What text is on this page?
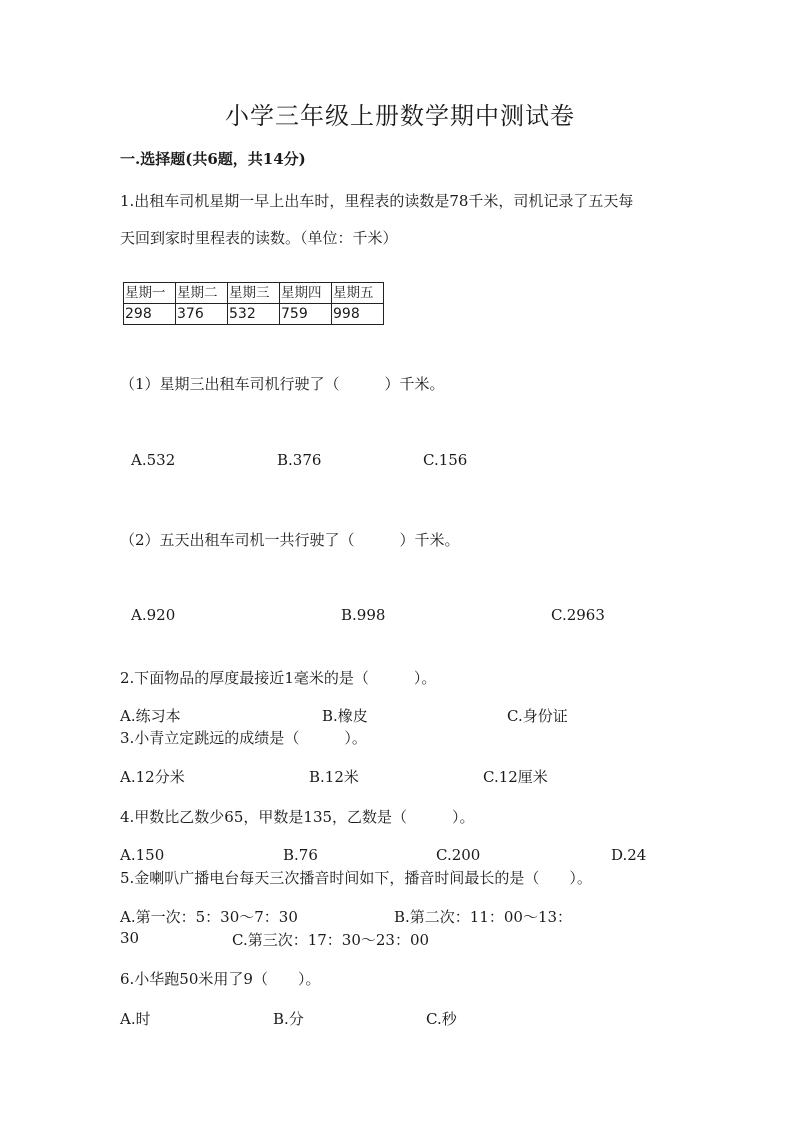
小学三年级上册数学期中测试卷
一.选择题(共6题，共14分)
1.出租车司机星期一早上出车时，里程表的读数是78千米，司机记录了五天每
天回到家时里程表的读数。（单位：千米）
星期一	星期二	星期三	星期四	星期五
298	376	532	759	998
（1）星期三出租车司机行驶了（　　　）千米。
A.532	B.376	C.156
（2）五天出租车司机一共行驶了（　　　）千米。
A.920	B.998	C.2963
2.下面物品的厚度最接近1毫米的是（　　　）。
A.练习本	B.橡皮	C.身份证
3.小青立定跳远的成绩是（　　　）。
A.12分米	B.12米	C.12厘米
4.甲数比乙数少65，甲数是135，乙数是（　　　）。
A.150	B.76	C.200	D.24
5.金喇叭广播电台每天三次播音时间如下，播音时间最长的是（　　）。
A.第一次：5：30～7：30	B.第二次：11：00～13：
30	C.第三次：17：30～23：00
6.小华跑50米用了9（　　）。
A.时	B.分	C.秒
